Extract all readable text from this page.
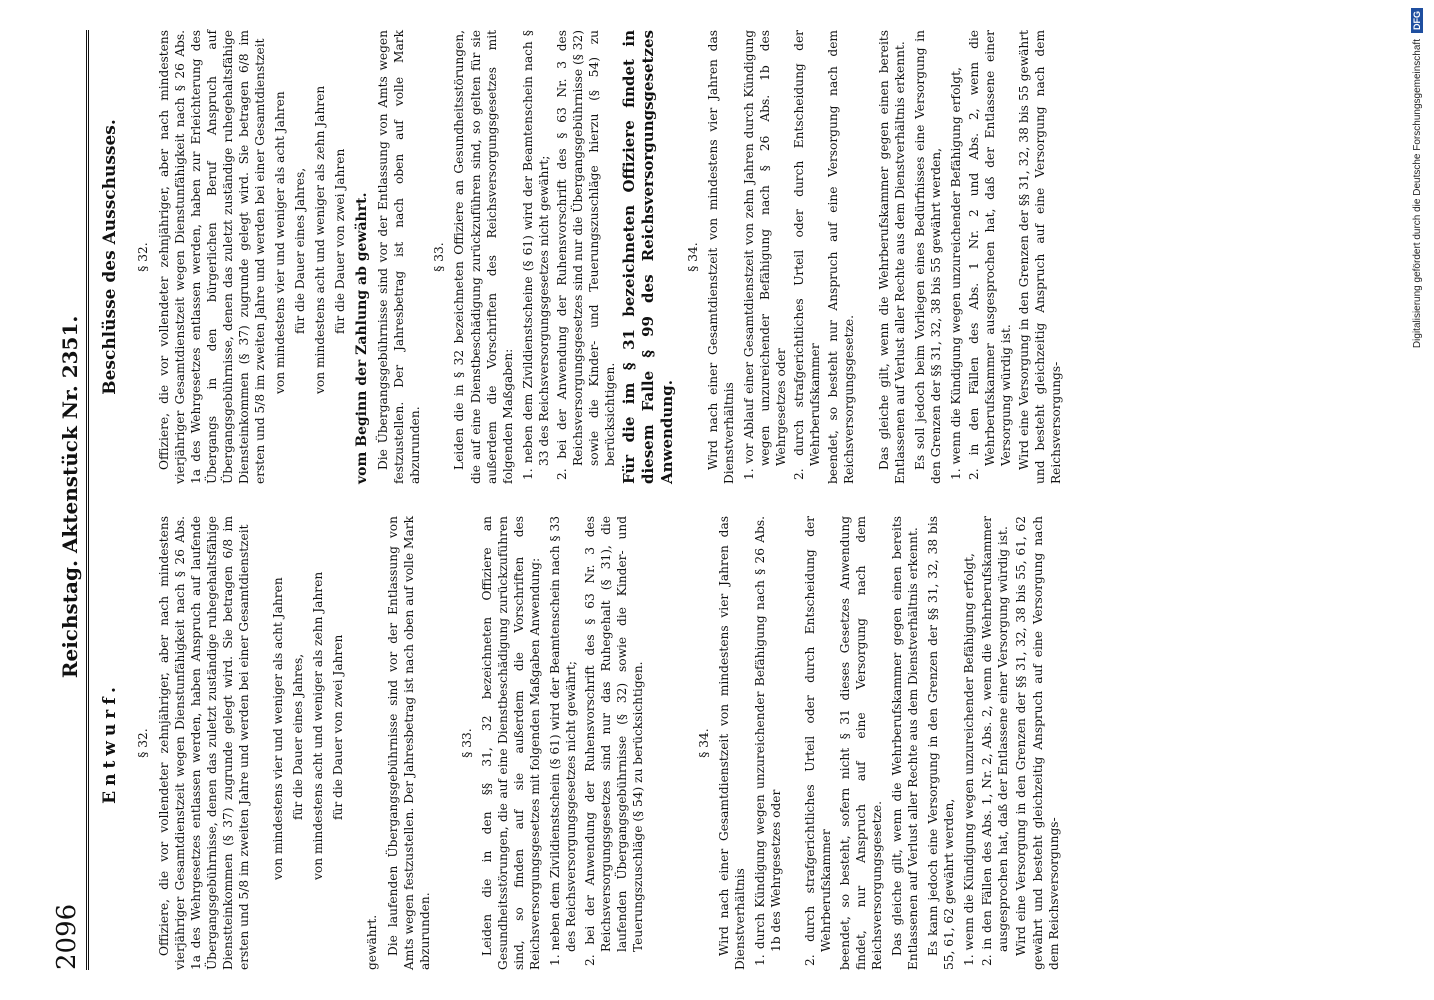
2096
Reichstag. Aktenstück Nr. 2351.
Entwurf. § 32. Offiziere, die vor vollendeter zehnjähriger, aber nach mindestens vierjähriger Gesamtdienstzeit wegen Dienstunfähigkeit nach § 26 Abs. 1a des Wehrgesetzes entlassen werden, haben Anspruch auf laufende Übergangsgebührnisse, denen das zuletzt zuständige ruhegehaltsfähige Dienstteinkommen (§ 37) zugrunde gelegt wird. Sie betragen 6/8 im ersten und 5/8 im zweiten Jahre und werden bei einer Gesamtdienstzeit von mindestens vier und weniger als acht Jahren für die Dauer eines Jahres, von mindestens acht und weniger als zehn Jahren für die Dauer von zwei Jahren

gewährt. Die laufenden Übergangsgebührnisse sind vor der Entlassung von Amts wegen festzustellen. Der Jahresbetrag ist nach oben auf volle Mark abzurunden.

§ 33. Leiden die in den §§ 31, 32 bezeichneten Offiziere an Gesundheitsstörungen, die auf eine Dienstbeschädigung zurückzuführen sind, so finden auf sie außerdem die Vorschriften des Reichsversorgungsgesetzes mit folgenden Maßgaben Anwendung: 1. neben dem Zivildienstschein (§ 61) wird der Beamtenschein nach § 33 des Reichsversorgungsgesetzes nicht gewährt; 2. bei der Anwendung der Ruhensvorschrift des § 63 Nr. 3 des Reichsversorgungsgesetzes sind nur das Ruhegehalt (§ 31), die laufenden Übergangsgebührnisse (§ 32) sowie die Kinder- und Teuerungszuschläge (§ 54) zu berücksichtigen.	§ 34. Wird nach einer Gesamtdienstzeit von mindestens vier Jahren das Dienstverhältnis 1. durch Kündigung wegen unzureichender Befähigung nach § 26 Abs. 1b des Wehrgesetzes oder 2. durch strafgerichtliches Urteil oder durch Entscheidung der Wehrberufskammer beendet, so besteht, sofern nicht § 31 dieses Gesetzes Anwendung findet, nur Anspruch auf eine Versorgung nach dem Reichsversorgungsgesetze. Das gleiche gilt, wenn die Wehrberufskammer gegen einen bereits Entlassenen auf Verlust aller Rechte aus dem Dienstverhältnis erkennt. Es kann jedoch eine Versorgung in den Grenzen der §§ 31, 32, 38 bis 55, 61, 62 gewährt werden, 1. wenn die Kündigung wegen unzureichender Befähigung erfolgt, 2. in den Fällen des Abs. 1, Nr. 2, Abs. 2, wenn die Wehrberufskammer ausgesprochen hat, daß der Entlassene einer Versorgung würdig ist. Wird eine Versorgung in den Grenzen der §§ 31, 32, 38 bis 55, 61, 62 gewährt und besteht gleichzeitig Anspruch auf eine Versorgung nach dem Reichsversorgungs-

Beschlüsse des Ausschusses. § 32. Offiziere, die vor vollendeter zehnjähriger, aber nach mindestens vierjähriger Gesamtdienstzeit wegen Dienstunfähigkeit nach § 26 Abs. 1a des Wehrgesetzes entlassen werden, haben zur Erleichterung des Übergangs in den bürgerlichen Beruf Anspruch auf Übergangsgebührnisse, denen das zuletzt zuständige ruhegehaltsfähige Diensteinkommen (§ 37) zugrunde gelegt wird. Sie betragen 6/8 im ersten und 5/8 im zweiten Jahre und werden bei einer Gesamtdienstzeit von mindestens vier und weniger als acht Jahren für die Dauer eines Jahres, von mindestens acht und weniger als zehn Jahren für die Dauer von zwei Jahren vom Beginn der Zahlung ab gewährt. Die Übergangsgebührnisse sind vor der Entlassung von Amts wegen festzustellen. Der Jahresbetrag ist nach oben auf volle Mark abzurunden.

§ 33. Leiden die in § 32 bezeichneten Offiziere an Gesundheitsstörungen, die auf eine Dienstbeschädigung zurückzuführen sind, so gelten für sie außerdem die Vorschriften des Reichsversorgungsgesetzes mit folgenden Maßgaben: 1. neben dem Zivildienstscheine (§ 61) wird der Beamtenschein nach § 33 des Reichsversorgungsgesetzes nicht gewährt; 2. bei der Anwendung der Ruhensvorschrift des § 63 Nr. 3 des Reichsversorgungsgesetzes sind nur die Übergangsgebührnisse (§ 32) sowie die Kinder- und Teuerungszuschläge hierzu (§ 54) zu berücksichtigen. Für die im § 31 bezeichneten Offiziere findet in diesem Falle § 99 des Reichsversorgungsgesetzes Anwendung.

§ 34. Wird nach einer Gesamtdienstzeit von mindestens vier Jahren das Dienstverhältnis 1. vor Ablauf einer Gesamtdienstzeit von zehn Jahren durch Kündigung wegen unzureichender Befähigung nach § 26 Abs. 1b des Wehrgesetzes oder 2. durch strafgerichtliches Urteil oder durch Entscheidung der Wehrberufskammer beendet, so besteht nur Anspruch auf eine Versorgung nach dem Reichsversorgungsgesetze. Das gleiche gilt, wenn die Wehrberufskammer gegen einen bereits Entlassenen auf Verlust aller Rechte aus dem Dienstverhältnis erkennt. Es soll jedoch beim Vorliegen eines Bedürfnisses eine Versorgung in den Grenzen der §§ 31, 32, 38 bis 55 gewährt werden, 1. wenn die Kündigung wegen unzureichender Befähigung erfolgt, 2. in den Fällen des Abs. 1 Nr. 2 und Abs. 2, wenn die Wehrberufskammer ausgesprochen hat, daß der Entlassene einer Versorgung würdig ist. Wird eine Versorgung in den Grenzen der §§ 31, 32, 38 bis 55 gewährt und besteht gleichzeitig Anspruch auf eine Versorgung nach dem Reichsversorgungs-

Digitalisierung gefördert durch die Deutsche Forschungsgemeinschaft
DFG
